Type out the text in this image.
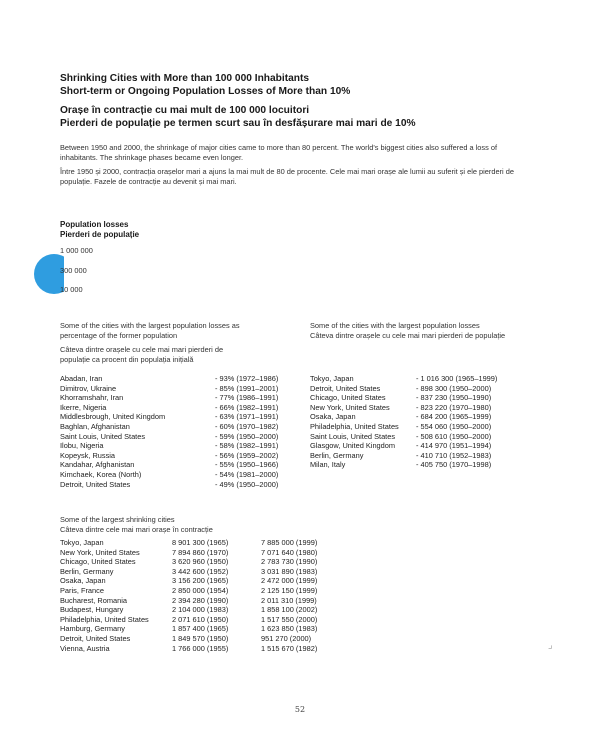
Shrinking Cities with More than 100 000 Inhabitants
Short-term or Ongoing Population Losses of More than 10%
Orașe în contracție cu mai mult de 100 000 locuitori
Pierderi de populație pe termen scurt sau în desfășurare mai mari de 10%

Between 1950 and 2000, the shrinkage of major cities came to more than 80 percent. The world's biggest cities also suffered a loss of inhabitants. The shrinkage phases became even longer.

Între 1950 și 2000, contracția orașelor mari a ajuns la mai mult de 80 de procente. Cele mai mari orașe ale lumii au suferit și ele pierderi de populație. Fazele de contracție au devenit și mai mari.

Population losses
Pierderi de populație
1 000 000
300 000
10 000
Some of the cities with the largest population losses as
percentage of the former population
Câteva dintre orașele cu cele mai mari pierderi de
populație ca procent din populația inițială
Abadan, Iran	- 93% (1972–1986)
Dimitrov, Ukraine	- 85% (1991–2001)
Khorramshahr, Iran	- 77% (1986–1991)
Ikerre, Nigeria	- 66% (1982–1991)
Middlesbrough, United Kingdom	- 63% (1971–1991)
Baghlan, Afghanistan	- 60% (1970–1982)
Saint Louis, United States	- 59% (1950–2000)
Ilobu, Nigeria	- 58% (1982–1991)
Kopeysk, Russia	- 56% (1959–2002)
Kandahar, Afghanistan	- 55% (1950–1966)
Kimchaek, Korea (North)	- 54% (1981–2000)
Detroit, United States	- 49% (1950–2000)
Some of the cities with the largest population losses
Câteva dintre orașele cu cele mai mari pierderi de populație
Tokyo, Japan	- 1 016 300 (1965–1999)
Detroit, United States	- 898 300 (1950–2000)
Chicago, United States	- 837 230 (1950–1990)
New York, United States	- 823 220 (1970–1980)
Osaka, Japan	- 684 200 (1965–1999)
Philadelphia, United States - 554 060 (1950–2000)
Saint Louis, United States	- 508 610 (1950–2000)
Glasgow, United Kingdom	- 414 970 (1951–1994)
Berlin, Germany	- 410 710 (1952–1983)
Milan, Italy	- 405 750 (1970–1998)
Some of the largest shrinking cities
Câteva dintre cele mai mari orașe în contracție
Tokyo, Japan	8 901 300 (1965)	7 885 000 (1999)
New York, United States	7 894 860 (1970)	7 071 640 (1980)
Chicago, United States	3 620 960 (1950)	2 783 730 (1990)
Berlin, Germany	3 442 600 (1952)	3 031 890 (1983)
Osaka, Japan	3 156 200 (1965)	2 472 000 (1999)
Paris, France	2 850 000 (1954)	2 125 150 (1999)
Bucharest, Romania	2 394 280 (1990)	2 011 310 (1999)
Budapest, Hungary	2 104 000 (1983)	1 858 100 (2002)
Philadelphia, United States	2 071 610 (1950)	1 517 550 (2000)
Hamburg, Germany	1 857 400 (1965)	1 623 850 (1983)
Detroit, United States	1 849 570 (1950)	951 270 (2000)
Vienna, Austria	1 766 000 (1955)	1 515 670 (1982)
52
⌟
